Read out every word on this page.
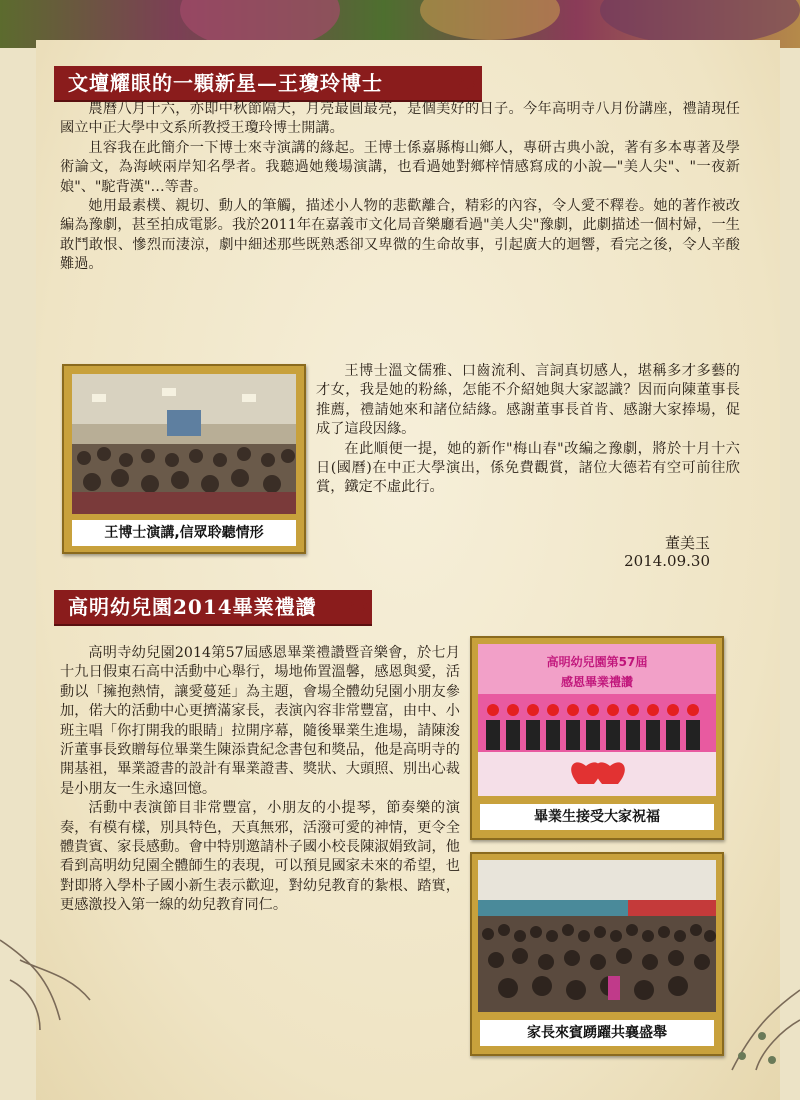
文壇耀眼的一顆新星—王瓊玲博士

農曆八月十六，亦即中秋節隔天，月亮最圓最亮，是個美好的日子。今年高明寺八月份講座，禮請現任國立中正大學中文系所教授王瓊玲博士開講。

且容我在此簡介一下博士來寺演講的緣起。王博士係嘉縣梅山鄉人，專研古典小說，著有多本專著及學術論文，為海峽兩岸知名學者。我聽過她幾場演講，也看過她對鄉梓情感寫成的小說—"美人尖"、"一夜新娘"、"駝背漢"…等書。

她用最素樸、親切、動人的筆觸，描述小人物的悲歡離合，精彩的內容，令人愛不釋卷。她的著作被改編為豫劇，甚至拍成電影。我於2011年在嘉義市文化局音樂廳看過"美人尖"豫劇，此劇描述一個村婦，一生敢鬥敢恨、慘烈而淒涼，劇中細述那些既熟悉卻又卑微的生命故事，引起廣大的迴響，看完之後，令人辛酸難過。

王博士演講,信眾聆聽情形

王博士溫文儒雅、口齒流利、言詞真切感人，堪稱多才多藝的才女，我是她的粉絲，怎能不介紹她與大家認識？因而向陳董事長推薦，禮請她來和諸位結緣。感謝董事長首肯、感謝大家捧場，促成了這段因緣。

在此順便一提，她的新作"梅山春"改編之豫劇，將於十月十六日(國曆)在中正大學演出，係免費觀賞，諸位大德若有空可前往欣賞，鐵定不虛此行。

董美玉
2014.09.30
高明幼兒園2014畢業禮讚

高明寺幼兒園2014第57屆感恩畢業禮讚暨音樂會，於七月十九日假東石高中活動中心舉行，場地佈置溫馨，感恩與愛，活動以「擁抱熱情，讓愛蔓延」為主題，會場全體幼兒園小朋友參加，偌大的活動中心更擠滿家長，表演內容非常豐富，由中、小班主唱「你打開我的眼睛」拉開序幕，隨後畢業生進場，請陳浚沂董事長致贈每位畢業生陳添貴紀念書包和獎品，他是高明寺的開基祖，畢業證書的設計有畢業證書、獎狀、大頭照、別出心裁是小朋友一生永遠回憶。

活動中表演節目非常豐富，小朋友的小提琴，節奏樂的演奏，有模有樣，別具特色，天真無邪，活潑可愛的神情，更令全體貴賓、家長感動。會中特別邀請朴子國小校長陳淑娟致詞，他看到高明幼兒園全體師生的表現，可以預見國家未來的希望，也對即將入學朴子國小新生表示歡迎，對幼兒教育的紮根、踏實，更感激投入第一線的幼兒教育同仁。

高明幼兒園第57屆
感恩畢業禮讚
畢業生接受大家祝福
家長來賓踴躍共襄盛舉
